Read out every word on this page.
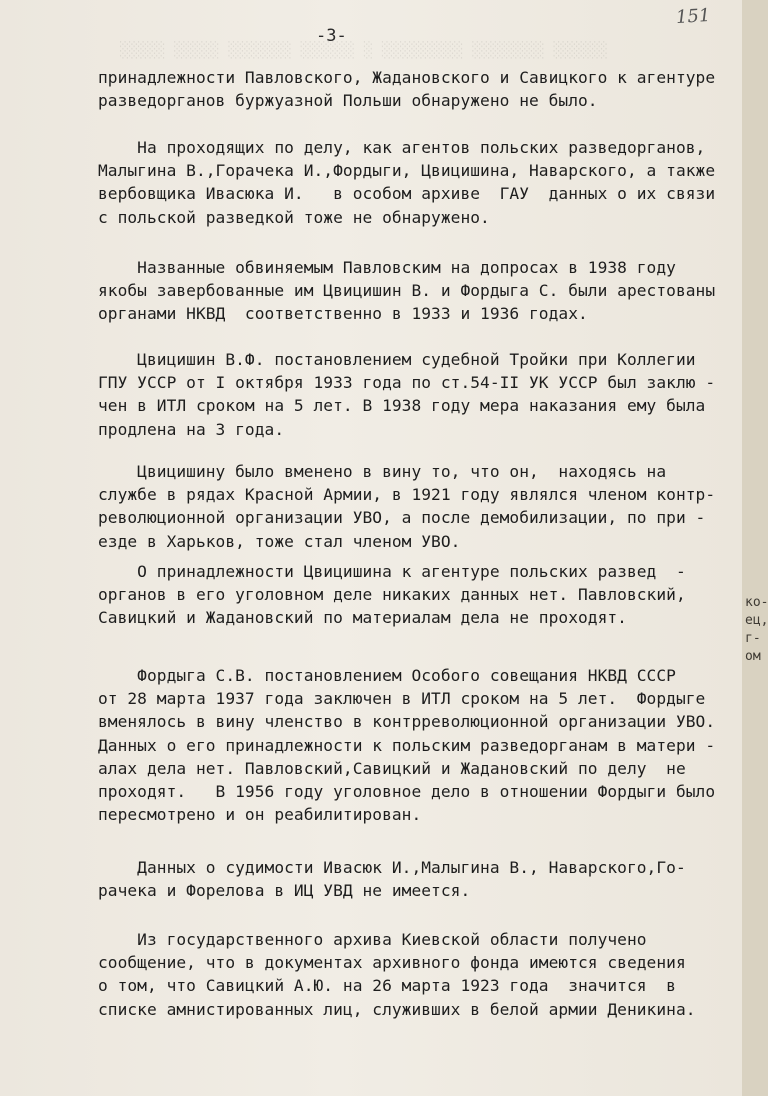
░░░░░ ░░░░░ ░░░░░░░ ░░░░░░ ░ ░░░░░░░░░ ░░░░░░░░ ░░░░░░
-3-
151
принадлежности Павловского, Жадановского и Савицкого к агентуре
разведорганов буржуазной Польши обнаружено не было.
На проходящих по делу, как агентов польских разведорганов,
Малыгина В.,Горачека И.,Фордыги, Цвицишина, Наварского, а также
вербовщика Ивасюка И.   в особом архиве  ГАУ  данных о их связи
с польской разведкой тоже не обнаружено.
Названные обвиняемым Павловским на допросах в 1938 году
якобы завербованные им Цвицишин В. и Фордыга С. были арестованы
органами НКВД  соответственно в 1933 и 1936 годах.
Цвицишин В.Ф. постановлением судебной Тройки при Коллегии
ГПУ УССР от I октября 1933 года по ст.54-II УК УССР был заклю -
чен в ИТЛ сроком на 5 лет. В 1938 году мера наказания ему была
продлена на 3 года.
Цвицишину было вменено в вину то, что он,  находясь на
службе в рядах Красной Армии, в 1921 году являлся членом контр-
революционной организации УВО, а после демобилизации, по при -
езде в Харьков, тоже стал членом УВО.
О принадлежности Цвицишина к агентуре польских развед  -
органов в его уголовном деле никаких данных нет. Павловский,
Савицкий и Жадановский по материалам дела не проходят.
Фордыга С.В. постановлением Особого совещания НКВД СССР
от 28 марта 1937 года заключен в ИТЛ сроком на 5 лет.  Фордыге
вменялось в вину членство в контрреволюционной организации УВО.
Данных о его принадлежности к польским разведорганам в матери -
алах дела нет. Павловский,Савицкий и Жадановский по делу  не
проходят.   В 1956 году уголовное дело в отношении Фордыги было
пересмотрено и он реабилитирован.
Данных о судимости Ивасюк И.,Малыгина В., Наварского,Го-
рачека и Форелова в ИЦ УВД не имеется.
Из государственного архива Киевской области получено
сообщение, что в документах архивного фонда имеются сведения
о том, что Савицкий А.Ю. на 26 марта 1923 года  значится  в
списке амнистированных лиц, служивших в белой армии Деникина.
ко-
ец,
г-
ом
